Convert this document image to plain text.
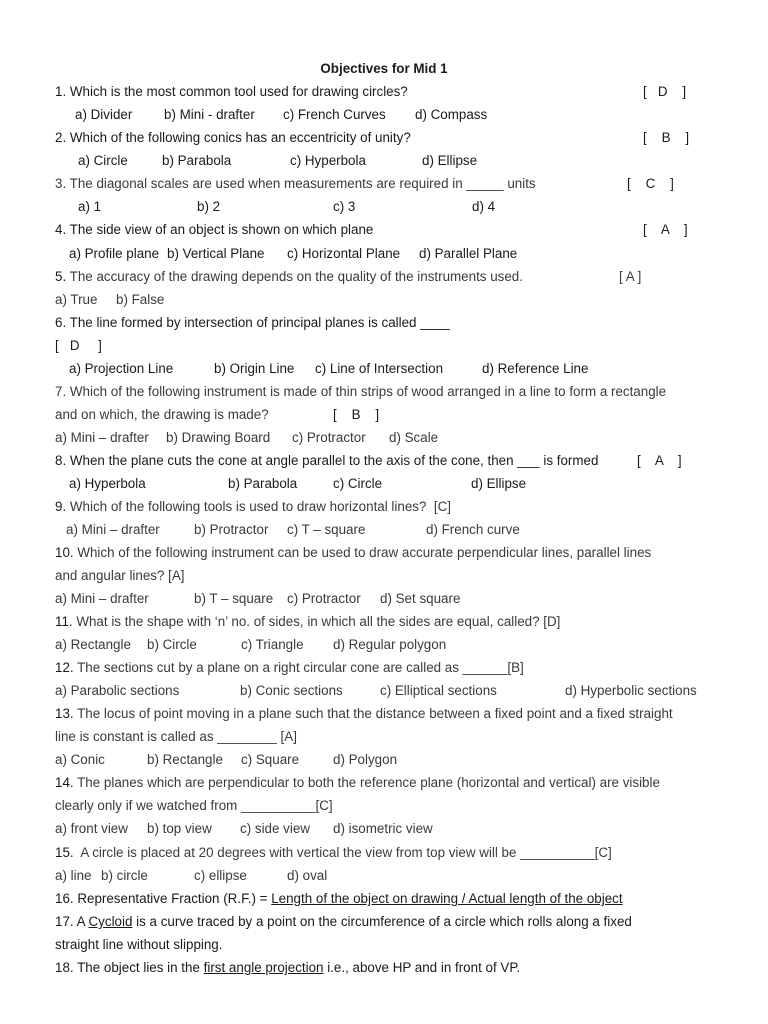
Objectives for Mid 1
1. Which is the most common tool used for drawing circles?	[   D    ]
a) Divider b) Mini - drafter c) French Curves d) Compass
2. Which of the following conics has an eccentricity of unity?	[    B    ]
a) Circle	b) Parabola	c) Hyperbola	d) Ellipse
3. The diagonal scales are used when measurements are required in _____ units	[    C    ]
a) 1	b) 2	c) 3	d) 4
4. The side view of an object is shown on which plane	[    A    ]
a) Profile plane b) Vertical Plane c) Horizontal Plane d) Parallel Plane
5. The accuracy of the drawing depends on the quality of the instruments used.	[ A ]
a) True b) False
6. The line formed by intersection of principal planes is called ____
[   D     ]
a) Projection Line	b) Origin Line c) Line of Intersection	d) Reference Line
7. Which of the following instrument is made of thin strips of wood arranged in a line to form a rectangle
and on which, the drawing is made?	[    B    ]
a) Mini – drafter b) Drawing Board c) Protractor d) Scale
8. When the plane cuts the cone at angle parallel to the axis of the cone, then ___ is formed	[    A    ]
a) Hyperbola	b) Parabola	c) Circle	d) Ellipse
9. Which of the following tools is used to draw horizontal lines?  [C]
a) Mini – drafter	b) Protractor c) T – square	d) French curve
10. Which of the following instrument can be used to draw accurate perpendicular lines, parallel lines
and angular lines? [A]
a) Mini – drafter	b) T – square c) Protractor d) Set square
11. What is the shape with ‘n’ no. of sides, in which all the sides are equal, called? [D]
a) Rectangle b) Circle	c) Triangle d) Regular polygon
12. The sections cut by a plane on a right circular cone are called as ______[B]
a) Parabolic sections	b) Conic sections	c) Elliptical sections	d) Hyperbolic sections
13. The locus of point moving in a plane such that the distance between a fixed point and a fixed straight
line is constant is called as ________ [A]
a) Conic	b) Rectangle c) Square	d) Polygon
14. The planes which are perpendicular to both the reference plane (horizontal and vertical) are visible
clearly only if we watched from __________[C]
a) front view b) top view c) side view d) isometric view
15.  A circle is placed at 20 degrees with vertical the view from top view will be __________[C]
a) line b) circle	c) ellipse	d) oval
16. Representative Fraction (R.F.) = Length of the object on drawing / Actual length of the object
17. A Cycloid is a curve traced by a point on the circumference of a circle which rolls along a fixed
straight line without slipping.
18. The object lies in the first angle projection i.e., above HP and in front of VP.
